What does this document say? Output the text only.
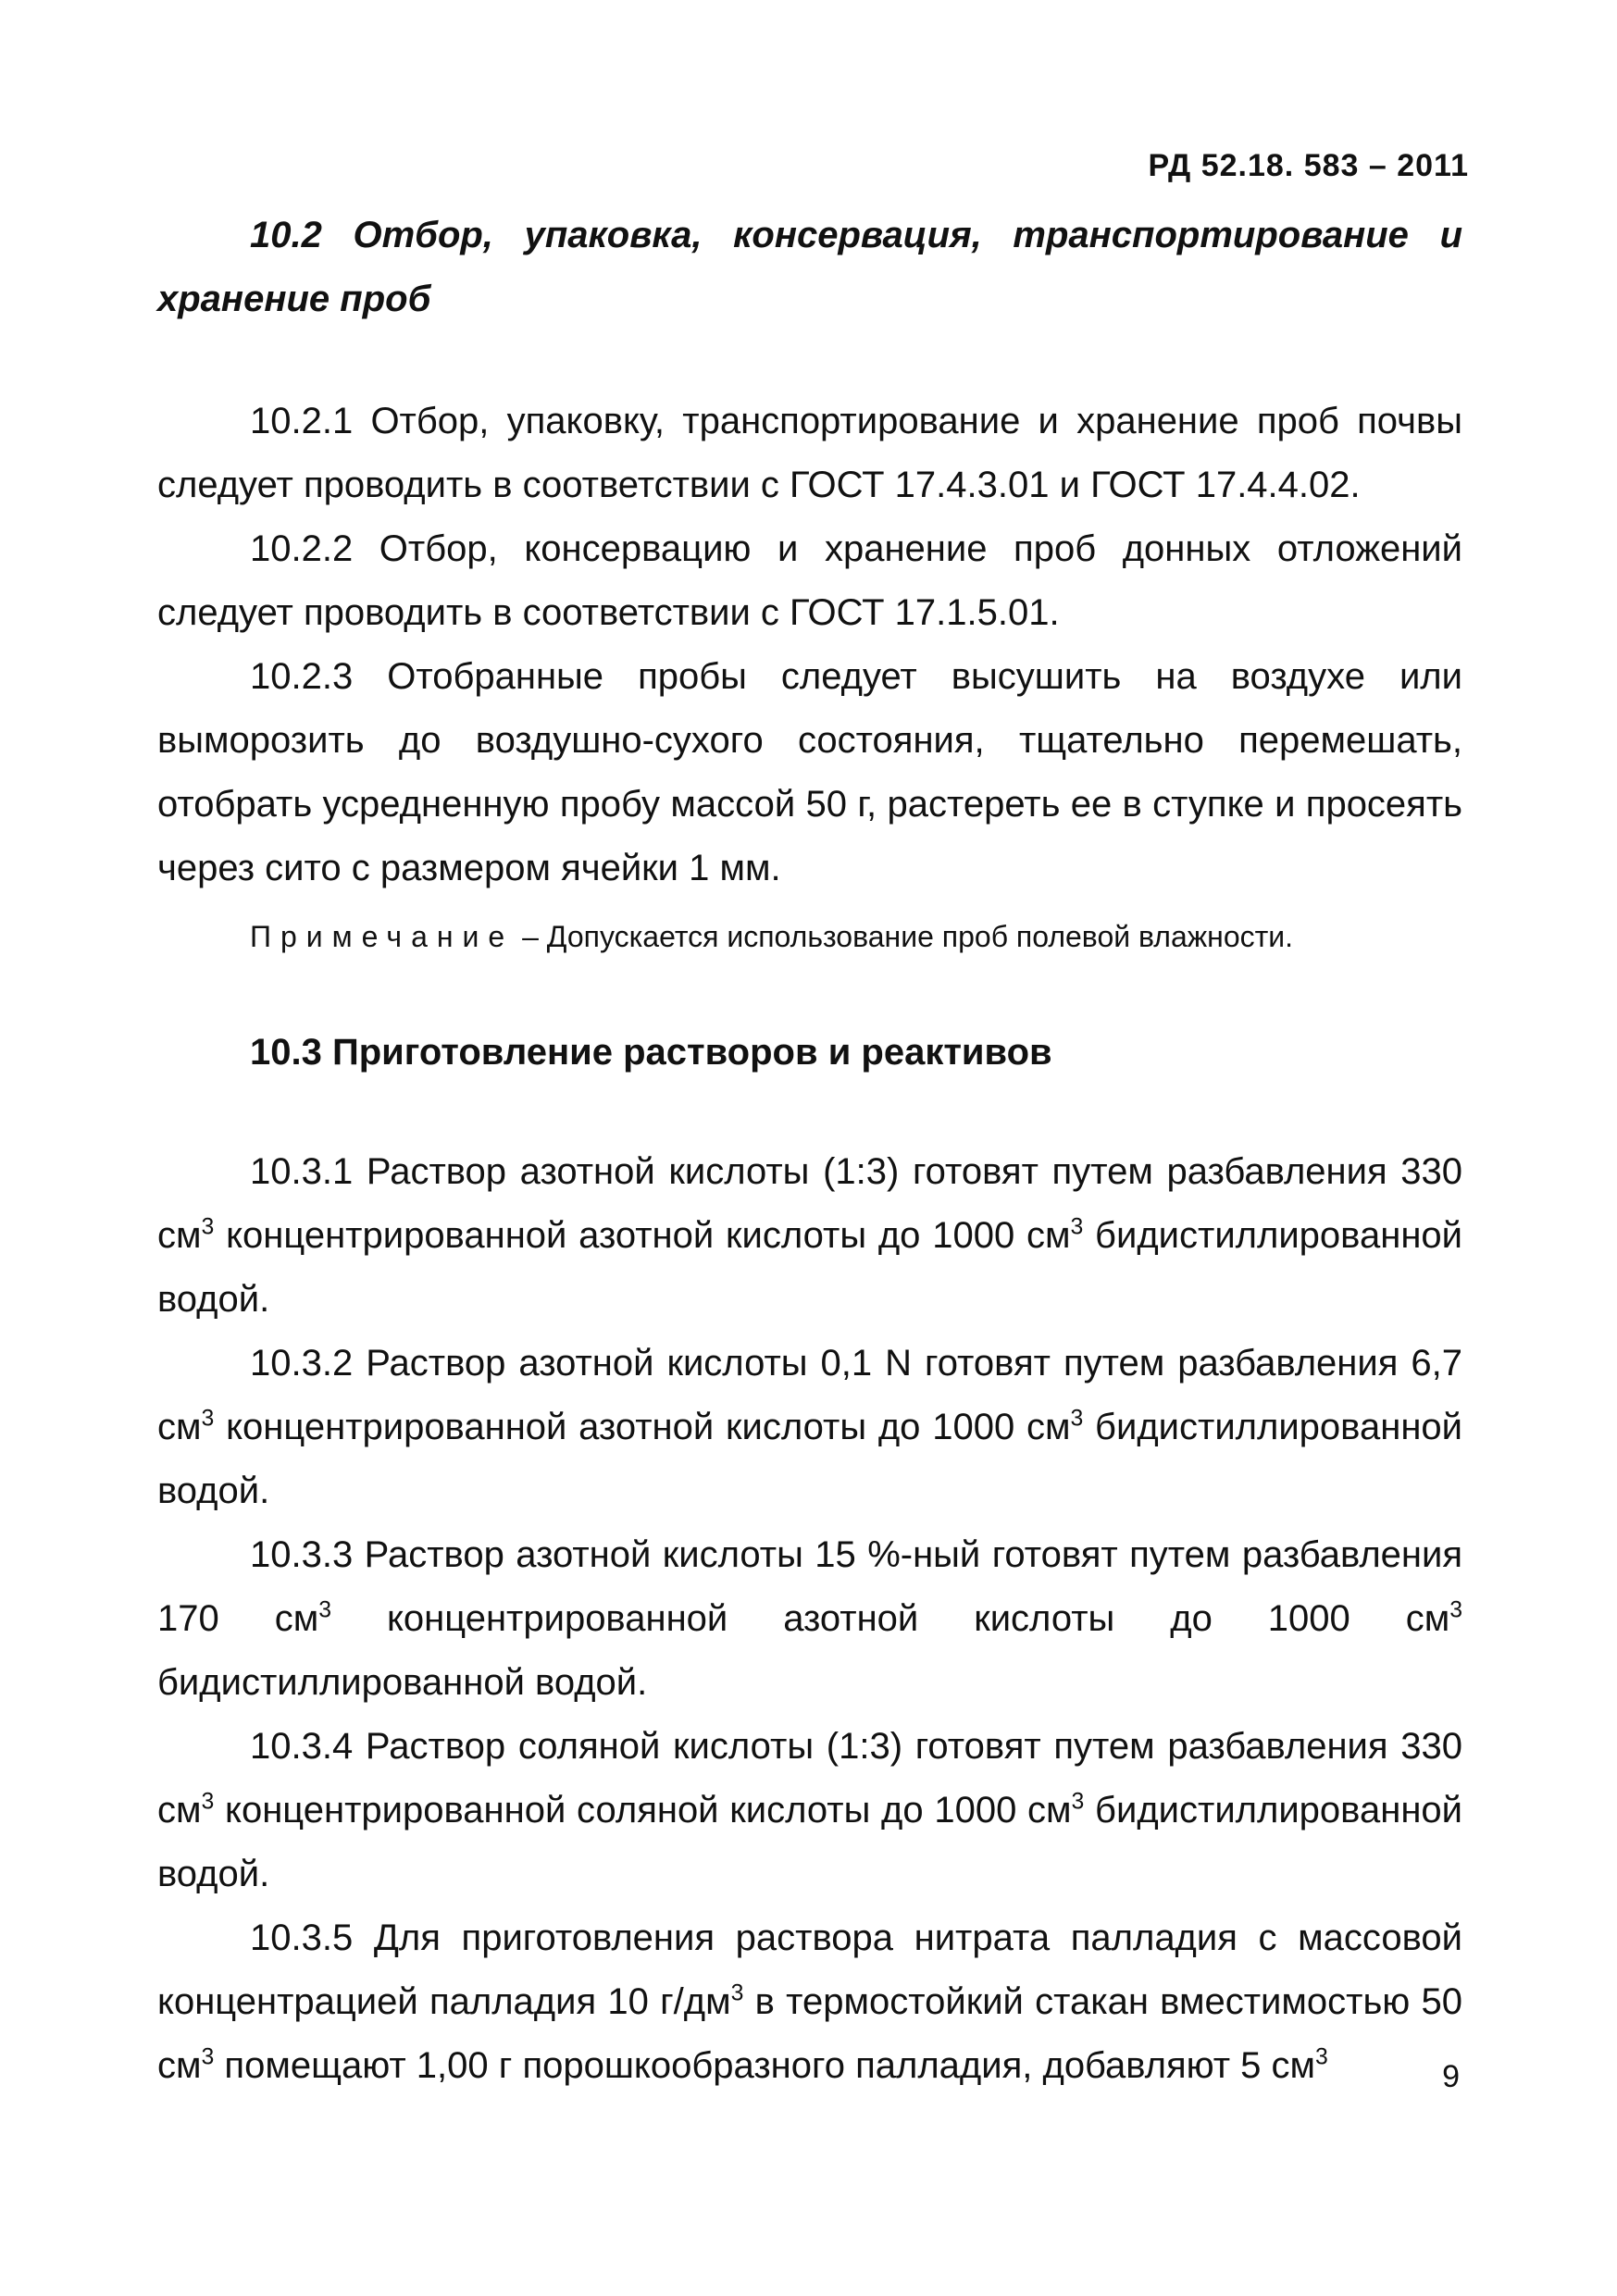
РД 52.18. 583 – 2011

10.2 Отбор, упаковка, консервация, транспортирование и хранение проб

10.2.1 Отбор, упаковку, транспортирование и хранение проб почвы следует проводить в соответствии с ГОСТ 17.4.3.01 и ГОСТ 17.4.4.02.

10.2.2 Отбор, консервацию и хранение проб донных отложений следует проводить в соответствии с ГОСТ 17.1.5.01.

10.2.3 Отобранные пробы следует высушить на воздухе или выморозить до воздушно-сухого состояния, тщательно перемешать, отобрать усредненную пробу массой 50 г, растереть ее в ступке и просеять через сито с размером ячейки 1 мм.

Примечание – Допускается использование проб полевой влажности.

10.3 Приготовление растворов и реактивов

10.3.1 Раствор азотной кислоты (1:3) готовят путем разбавления 330 $см^3$ концентрированной азотной кислоты до 1000 $см^3$ бидистиллированной водой.

10.3.2 Раствор азотной кислоты 0,1 N готовят путем разбавления 6,7 $см^3$ концентрированной азотной кислоты до 1000 $см^3$ бидистиллированной водой.

10.3.3 Раствор азотной кислоты 15 %-ный готовят путем разбавления 170 $см^3$ концентрированной азотной кислоты до 1000 $см^3$ бидистиллированной водой.

10.3.4 Раствор соляной кислоты (1:3) готовят путем разбавления 330 $см^3$ концентрированной соляной кислоты до 1000 $см^3$ бидистиллированной водой.

10.3.5 Для приготовления раствора нитрата палладия с массовой концентрацией палладия 10 $г/дм^3$ в термостойкий стакан вместимостью 50 $см^3$ помещают 1,00 г порошкообразного палладия, добавляют 5 $см^3$

9
